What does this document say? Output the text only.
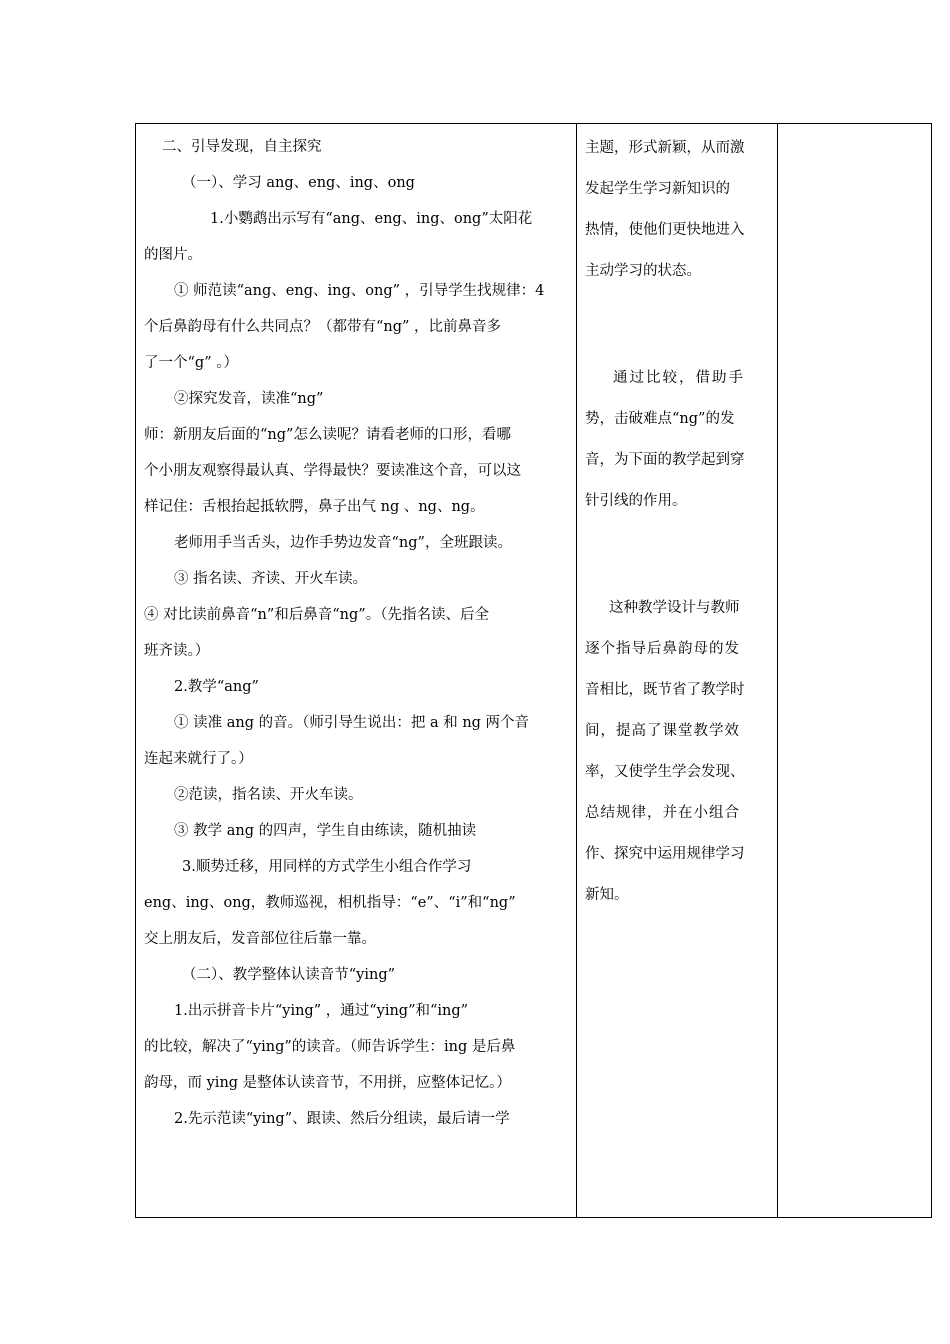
二、引导发现，自主探究

（一）、学习 ang、eng、ing、ong

1.小鹦鹉出示写有“ang、eng、ing、ong”太阳花

的图片。

① 师范读“ang、eng、ing、ong” ，引导学生找规律：4

个后鼻韵母有什么共同点？（都带有“ng” ，比前鼻音多

了一个“g” 。）

②探究发音，读准“ng”

师：新朋友后面的“ng”怎么读呢？请看老师的口形，看哪

个小朋友观察得最认真、学得最快？要读准这个音，可以这

样记住：舌根抬起抵软腭，鼻子出气 ng 、ng、ng。

老师用手当舌头，边作手势边发音“ng”，全班跟读。

③ 指名读、齐读、开火车读。

④ 对比读前鼻音“n”和后鼻音“ng”。（先指名读、后全

班齐读。）

2.教学“ang”

① 读准 ang 的音。（师引导生说出：把 a 和 ng 两个音

连起来就行了。）

②范读，指名读、开火车读。

③ 教学 ang 的四声，学生自由练读，随机抽读

3.顺势迁移，用同样的方式学生小组合作学习

eng、ing、ong，教师巡视，相机指导：“e”、“i”和“ng”

交上朋友后，发音部位往后靠一靠。

（二）、教学整体认读音节“ying”

1.出示拼音卡片“ying” ，通过“ying”和“ing”

的比较，解决了“ying”的读音。（师告诉学生：ing 是后鼻

韵母，而 ying 是整体认读音节，不用拼，应整体记忆。）

2.先示范读“ying”、跟读、然后分组读，最后请一学

主题，形式新颖，从而激

发起学生学习新知识的

热情，使他们更快地进入

主动学习的状态。

通过比较，借助手

势，击破难点“ng”的发

音，为下面的教学起到穿

针引线的作用。

这种教学设计与教师

逐个指导后鼻韵母的发

音相比，既节省了教学时

间，提高了课堂教学效

率，又使学生学会发现、

总结规律，并在小组合

作、探究中运用规律学习

新知。
